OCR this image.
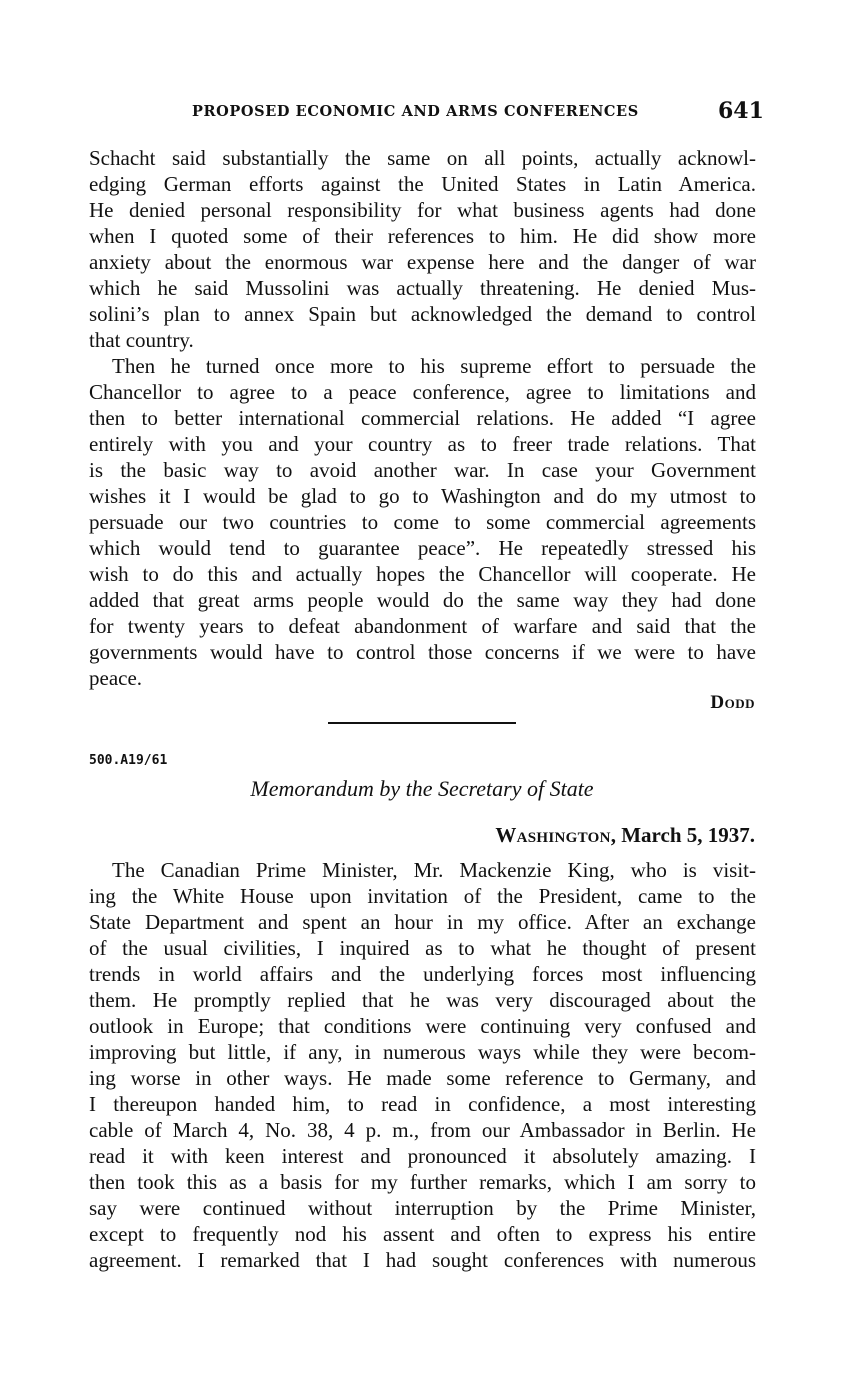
PROPOSED ECONOMIC AND ARMS CONFERENCES	641
Schacht said substantially the same on all points, actually acknowl-
edging German efforts against the United States in Latin America.
He denied personal responsibility for what business agents had done
when I quoted some of their references to him. He did show more
anxiety about the enormous war expense here and the danger of war
which he said Mussolini was actually threatening. He denied Mus-
solini’s plan to annex Spain but acknowledged the demand to control
that country.
Then he turned once more to his supreme effort to persuade the
Chancellor to agree to a peace conference, agree to limitations and
then to better international commercial relations. He added “I agree
entirely with you and your country as to freer trade relations. That
is the basic way to avoid another war. In case your Government
wishes it I would be glad to go to Washington and do my utmost to
persuade our two countries to come to some commercial agreements
which would tend to guarantee peace”. He repeatedly stressed his
wish to do this and actually hopes the Chancellor will cooperate. He
added that great arms people would do the same way they had done
for twenty years to defeat abandonment of warfare and said that the
governments would have to control those concerns if we were to have
peace.
Dodd
500.A19/61
Memorandum by the Secretary of State
Washington, March 5, 1937.
The Canadian Prime Minister, Mr. Mackenzie King, who is visit-
ing the White House upon invitation of the President, came to the
State Department and spent an hour in my office. After an exchange
of the usual civilities, I inquired as to what he thought of present
trends in world affairs and the underlying forces most influencing
them. He promptly replied that he was very discouraged about the
outlook in Europe; that conditions were continuing very confused and
improving but little, if any, in numerous ways while they were becom-
ing worse in other ways. He made some reference to Germany, and
I thereupon handed him, to read in confidence, a most interesting
cable of March 4, No. 38, 4 p. m., from our Ambassador in Berlin. He
read it with keen interest and pronounced it absolutely amazing. I
then took this as a basis for my further remarks, which I am sorry to
say were continued without interruption by the Prime Minister,
except to frequently nod his assent and often to express his entire
agreement. I remarked that I had sought conferences with numerous
